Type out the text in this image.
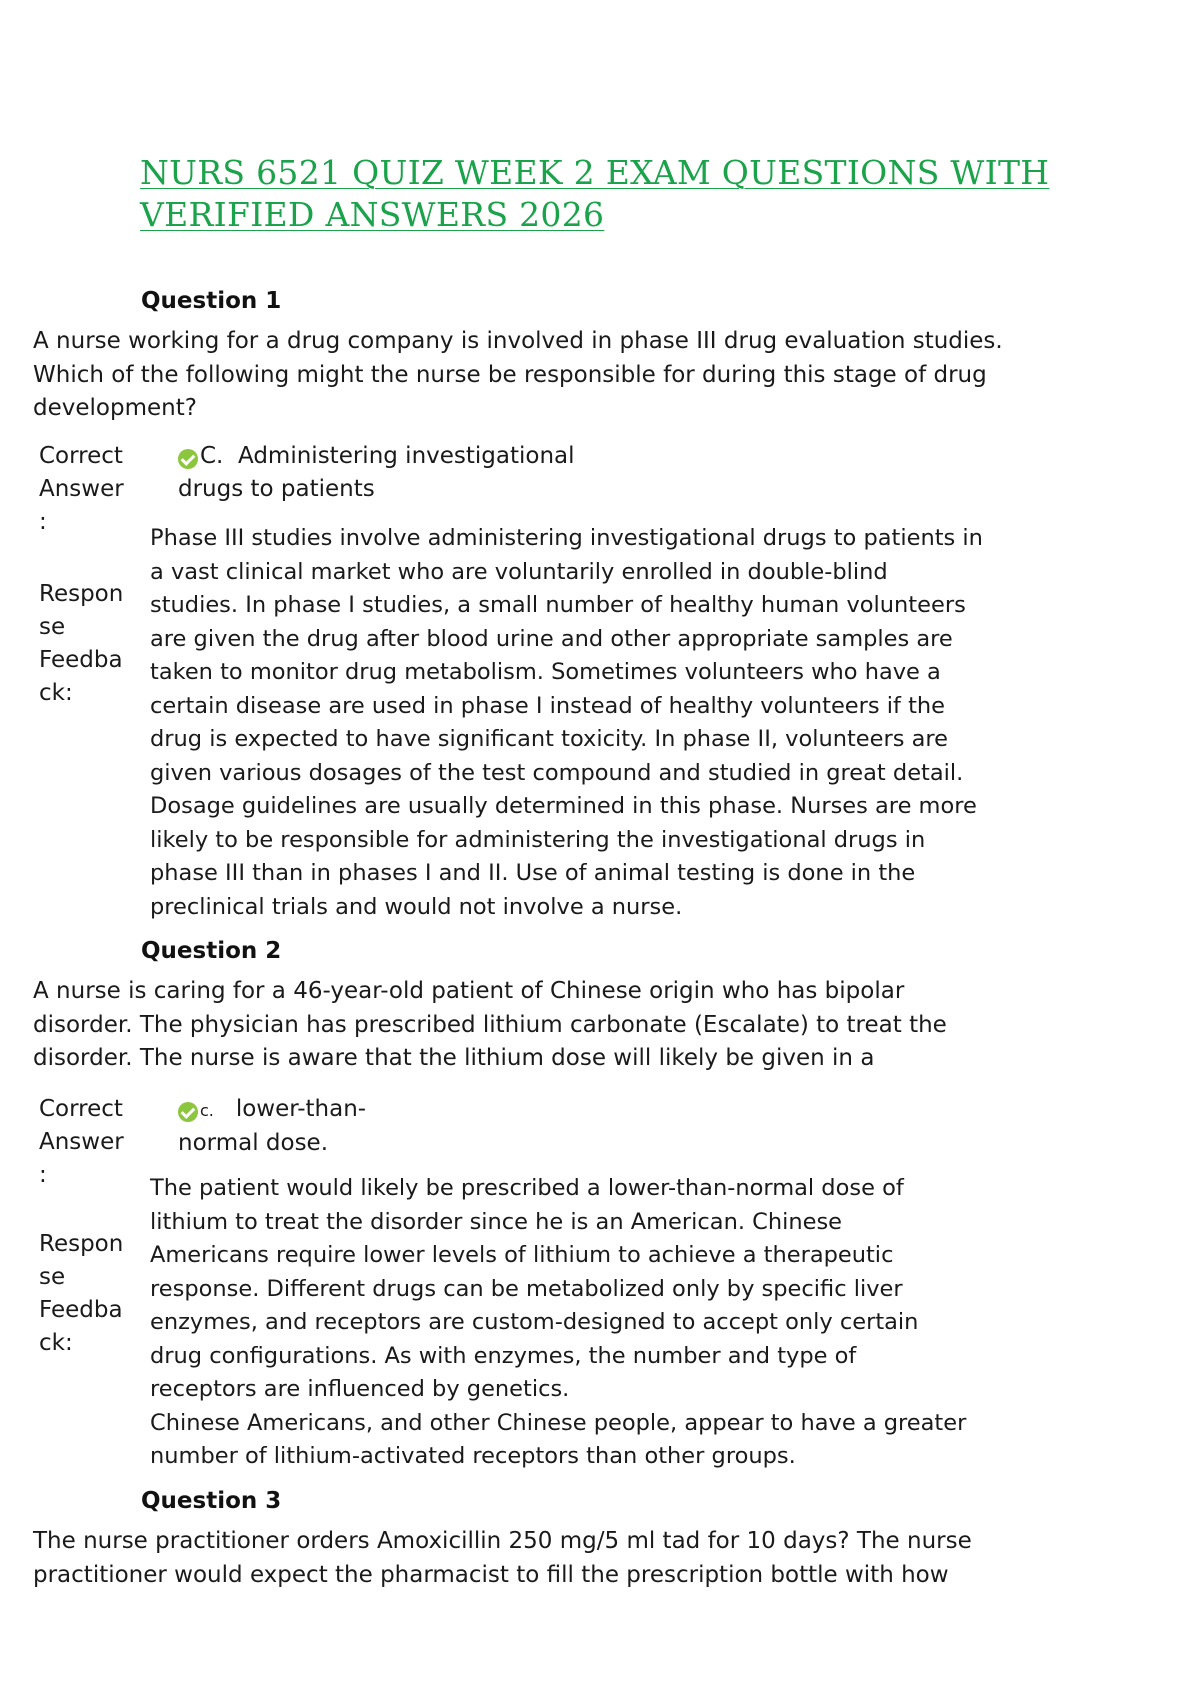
NURS 6521 QUIZ WEEK 2 EXAM QUESTIONS WITH
VERIFIED ANSWERS 2026
Question 1
A nurse working for a drug company is involved in phase III drug evaluation studies.
Which of the following might the nurse be responsible for during this stage of drug
development?
Correct
Answer
:
C. Administering investigational
drugs to patients
Respon
se
Feedba
ck:

Phase III studies involve administering investigational drugs to patients in

a vast clinical market who are voluntarily enrolled in double-blind

studies. In phase I studies, a small number of healthy human volunteers

are given the drug after blood urine and other appropriate samples are

taken to monitor drug metabolism. Sometimes volunteers who have a

certain disease are used in phase I instead of healthy volunteers if the

drug is expected to have significant toxicity. In phase II, volunteers are

given various dosages of the test compound and studied in great detail.

Dosage guidelines are usually determined in this phase. Nurses are more

likely to be responsible for administering the investigational drugs in

phase III than in phases I and II. Use of animal testing is done in the

preclinical trials and would not involve a nurse.

Question 2
A nurse is caring for a 46-year-old patient of Chinese origin who has bipolar
disorder. The physician has prescribed lithium carbonate (Escalate) to treat the
disorder. The nurse is aware that the lithium dose will likely be given in a
Correct
Answer
:
c. lower-than-
normal dose.
Respon
se
Feedba
ck:

The patient would likely be prescribed a lower-than-normal dose of

lithium to treat the disorder since he is an American. Chinese

Americans require lower levels of lithium to achieve a therapeutic

response. Different drugs can be metabolized only by specific liver

enzymes, and receptors are custom-designed to accept only certain

drug configurations. As with enzymes, the number and type of

receptors are influenced by genetics.

Chinese Americans, and other Chinese people, appear to have a greater

number of lithium-activated receptors than other groups.

Question 3
The nurse practitioner orders Amoxicillin 250 mg/5 ml tad for 10 days? The nurse
practitioner would expect the pharmacist to fill the prescription bottle with how
